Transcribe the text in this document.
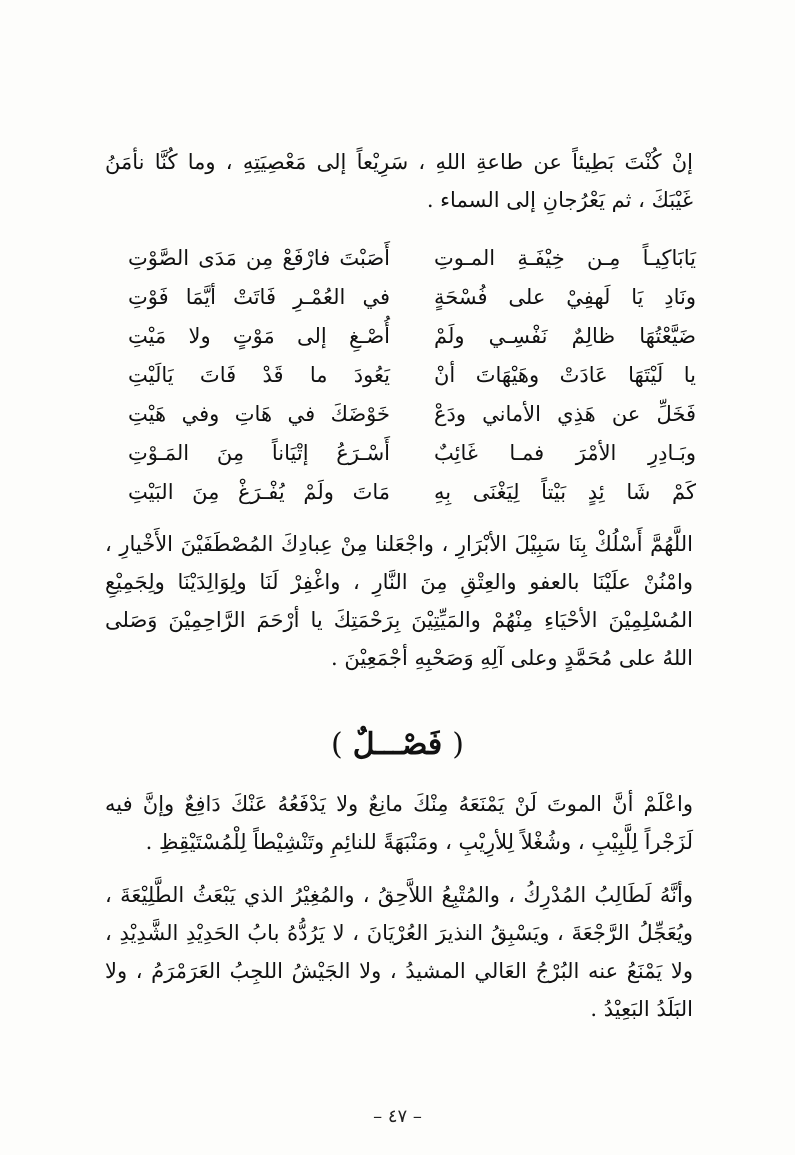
إنْ كُنْتَ بَطِيئاً عن طاعةِ اللهِ ، سَرِيْعاً إلى مَعْصِيَتِهِ ، وما كُنَّا نأمَنُ غَيْبَكَ ، ثم يَعْرُجانِ إلى السماء .

يَابَاكِيـاً مِـن خِيْفَـةِ المـوتِ
أَصَبْتَ فارْفَعْ مِن مَدَى الصَّوْتِ
ونَادِ يَا لَهفِيْ على فُسْحَةٍ
في العُمْـرِ فَاتَتْ أيَّمَا فَوْتِ
ضَيَّعْتُهَا ظالِمٌ نَفْسِـي ولَمْ
أُصْـغِ إلى مَوْتٍ ولا مَيْتِ
يا لَيْتَهَا عَادَتْ وهَيْهَاتَ أنْ
يَعُودَ ما قَدْ فَاتَ يَالَيْتِ
فَخَلِّ عن هَذِي الأماني ودَعْ
خَوْضَكَ في هَاتِ وفي هَيْتِ
وبَـادِرِ الأمْرَ فمـا غَائِبٌ
أَسْـرَعُ إتْيَاناً مِنَ المَـوْتِ
كَمْ شَا ئِدٍ بَيْتاً لِيَغْنَى بِهِ
مَاتَ ولَمْ يُفْـرَغْ مِنَ البَيْتِ

اللَّهُمَّ أَسْلُكْ بِنَا سَبِيْلَ الأبْرَارِ ، واجْعَلنا مِنْ عِبادِكَ المُصْطَفَيْنَ الأَخْيارِ ، وامْنُنْ علَيْنَا بالعفو والعِتْقِ مِنَ النَّارِ ، واغْفِرْ لَنَا ولِوَالِدَيْنَا ولِجَمِيْعِ المُسْلِمِيْنَ الأحْيَاءِ مِنْهُمْ والمَيِّتِيْنَ بِرَحْمَتِكَ يا أرْحَمَ الرَّاحِمِيْنَ وَصَلى اللهُ على مُحَمَّدٍ وعلى آلِهِ وَصَحْبِهِ أجْمَعِيْنَ .

(فَصْـــلٌ)

واعْلَمْ أنَّ الموتَ لَنْ يَمْنَعَهُ مِنْكَ مانِعٌ ولا يَدْفَعُهُ عَنْكَ دَافِعٌ وإنَّ فيه لَزَجْراً لِلَّبِيْبِ ، وشُغْلاً لِلأرِيْبِ ، ومَنْبَهَةً للنائِمِ وتَنْشِيْطاً لِلْمُسْتَيْقِظِ .

وأنَّهُ لَطَالِبُ المُدْرِكُ ، والمُتْبِعُ اللاَّحِقُ ، والمُغِيْرُ الذي يَبْعَثُ الطَّلِيْعَةَ ، ويُعَجِّلُ الرَّجْعَةَ ، ويَسْبِقُ النذيرَ العُرْيَانَ ، لا يَرُدُّهُ بابُ الحَدِيْدِ الشَّدِيْدِ ، ولا يَمْنَعُ عنه البُرْجُ العَالي المشيدُ ، ولا الجَيْشُ اللجِبُ العَرَمْرَمُ ، ولا البَلَدُ البَعِيْدُ .

– ٤٧ –
